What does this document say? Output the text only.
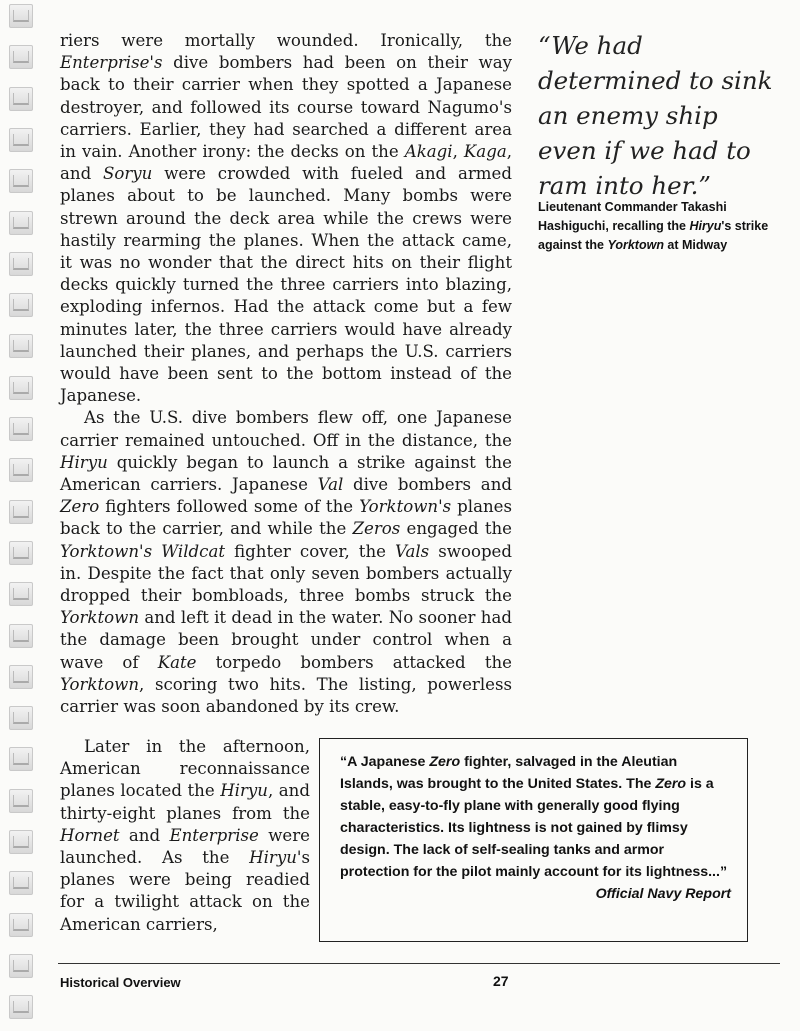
riers were mortally wounded. Ironically, the Enterprise's dive bombers had been on their way back to their carrier when they spotted a Japanese destroyer, and followed its course toward Nagumo's carriers. Earlier, they had searched a different area in vain. Another irony: the decks on the Akagi, Kaga, and Soryu were crowded with fueled and armed planes about to be launched. Many bombs were strewn around the deck area while the crews were hastily rearming the planes. When the attack came, it was no wonder that the direct hits on their flight decks quickly turned the three carriers into blazing, exploding infernos. Had the attack come but a few minutes later, the three carriers would have already launched their planes, and perhaps the U.S. carriers would have been sent to the bottom instead of the Japanese.

As the U.S. dive bombers flew off, one Japanese carrier remained untouched. Off in the distance, the Hiryu quickly began to launch a strike against the American carriers. Japanese Val dive bombers and Zero fighters followed some of the Yorktown's planes back to the carrier, and while the Zeros engaged the Yorktown's Wildcat fighter cover, the Vals swooped in. Despite the fact that only seven bombers actually dropped their bombloads, three bombs struck the Yorktown and left it dead in the water. No sooner had the damage been brought under control when a wave of Kate torpedo bombers attacked the Yorktown, scoring two hits. The listing, powerless carrier was soon abandoned by its crew.

Later in the afternoon, American reconnaissance planes located the Hiryu, and thirty-eight planes from the Hornet and Enterprise were launched. As the Hiryu's planes were being readied for a twilight attack on the American carriers,

“We had determined to sink an enemy ship even if we had to ram into her.”
Lieutenant Commander Takashi Hashiguchi, recalling the Hiryu's strike against the Yorktown at Midway
“A Japanese Zero fighter, salvaged in the Aleutian Islands, was brought to the United States. The Zero is a stable, easy-to-fly plane with generally good flying characteristics. Its lightness is not gained by flimsy design. The lack of self-sealing tanks and armor protection for the pilot mainly account for its lightness...”
Official Navy Report
Historical Overview	27
